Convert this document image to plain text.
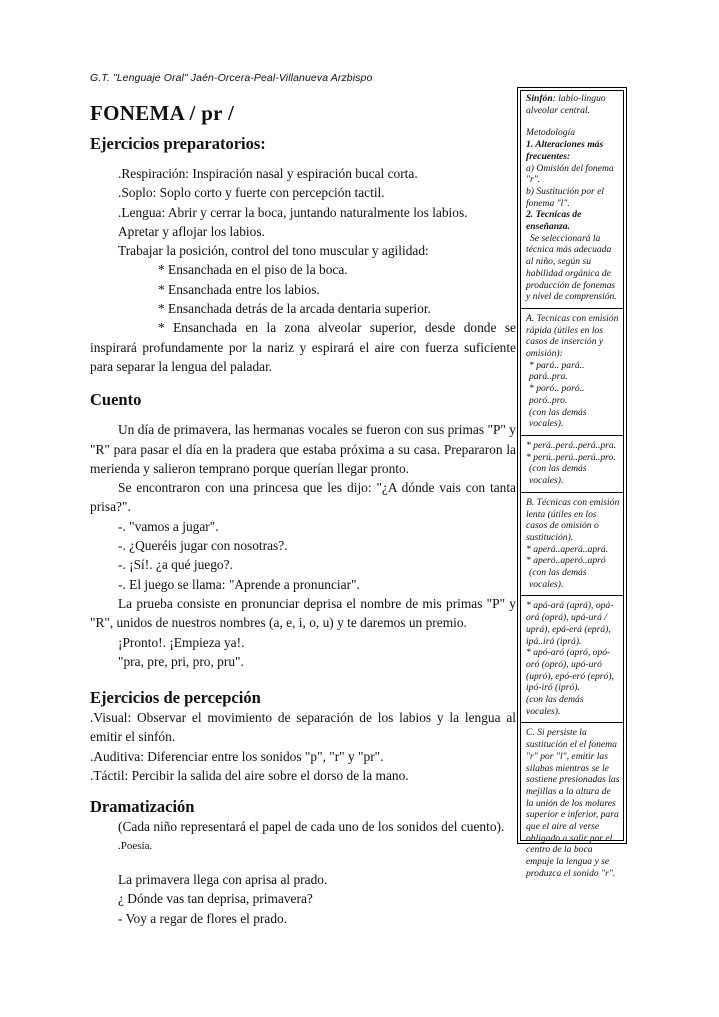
G.T. "Lenguaje Oral" Jaén-Orcera-Peal-Villanueva Arzbispo
FONEMA / pr /
Ejercicios preparatorios:

.Respiración: Inspiración nasal y espiración bucal corta.

.Soplo: Soplo corto y fuerte con percepción tactil.

.Lengua: Abrir y cerrar la boca, juntando naturalmente los labios.

Apretar y aflojar los labios.

Trabajar la posición, control del tono muscular y agilidad:

* Ensanchada en el piso de la boca.

* Ensanchada entre los labios.

* Ensanchada detrás de la arcada dentaria superior.

* Ensanchada en la zona alveolar superior, desde donde se inspirará profundamente por la nariz y espirará el aire con fuerza suficiente para separar la lengua del paladar.

Cuento

Un día de primavera, las hermanas vocales se fueron con sus primas "P" y "R" para pasar el día en la pradera que estaba próxima a su casa. Prepararon la merienda y salieron temprano porque querían llegar pronto.

Se encontraron con una princesa que les dijo: "¿A dónde vais con tanta prisa?".

-. "vamos a jugar".

-. ¿Queréis jugar con nosotras?.

-. ¡Sí!. ¿a qué juego?.

-. El juego se llama: "Aprende a pronunciar".

La prueba consiste en pronunciar deprisa el nombre de mis primas "P" y "R", unidos de nuestros nombres (a, e, i, o, u) y te daremos un premio.

¡Pronto!. ¡Empieza ya!.

"pra, pre, pri, pro, pru".

Ejercicios de percepción

.Visual: Observar el movimiento de separación de los labios y la lengua al emitir el sinfón.

.Auditiva: Diferenciar entre los sonidos "p", "r" y "pr".

.Táctil: Percibir la salida del aire sobre el dorso de la mano.

Dramatización

(Cada niño representará el papel de cada uno de los sonidos del cuento).

.Poesía.

La primavera llega con aprisa al prado.

¿ Dónde vas tan deprisa, primavera?

- Voy a regar de flores el prado.

Sinfón: labio-linguo alveolar central.

Metodología

1. Alteraciones más frecuentes:

a) Omisión del fonema "r".

b) Sustitución por el fonema "l".

2. Tecnicas de enseñanza.

Se seleccionará la técnica más adecuada al niño, según su habilidad orgánica de producción de fonemas y nivel de comprensión.

A. Tecnicas con emisión rápida (útiles en los casos de inserción y omisión):

* pará.. pará.. pará..pra.

* poró.. poró.. poró..pro.

(con las demás vocales).

* perá..perá..perá..pra.

* perú..perú..perú..pro.

(con las demás vocales).

B. Técnicas con emisión lenta (útiles en los casos de omisión o sustitución).

* aperá..aperá..aprá.

* aperó..aperó..apró

(con las demás vocales).

* apá-ará (aprá), opá-orá (oprá), upá-urá / uprá), epá-erá (eprá), ipá..irá (iprá).

* apó-aró (apró, opó-oró (opró), upó-uró (upró), epó-eró (epró), ipó-iró (ipró).

(con las demás vocales).

C. Si persiste la sustitución el el fonema "r" por "l", emitir las silabas mientras se le sostiene presionadas las mejillas a la altura de la unión de los molares superior e inferior, para que el aire al verse obligado a salir por el centro de la boca empuje la lengua y se produzca el sonido "r".
